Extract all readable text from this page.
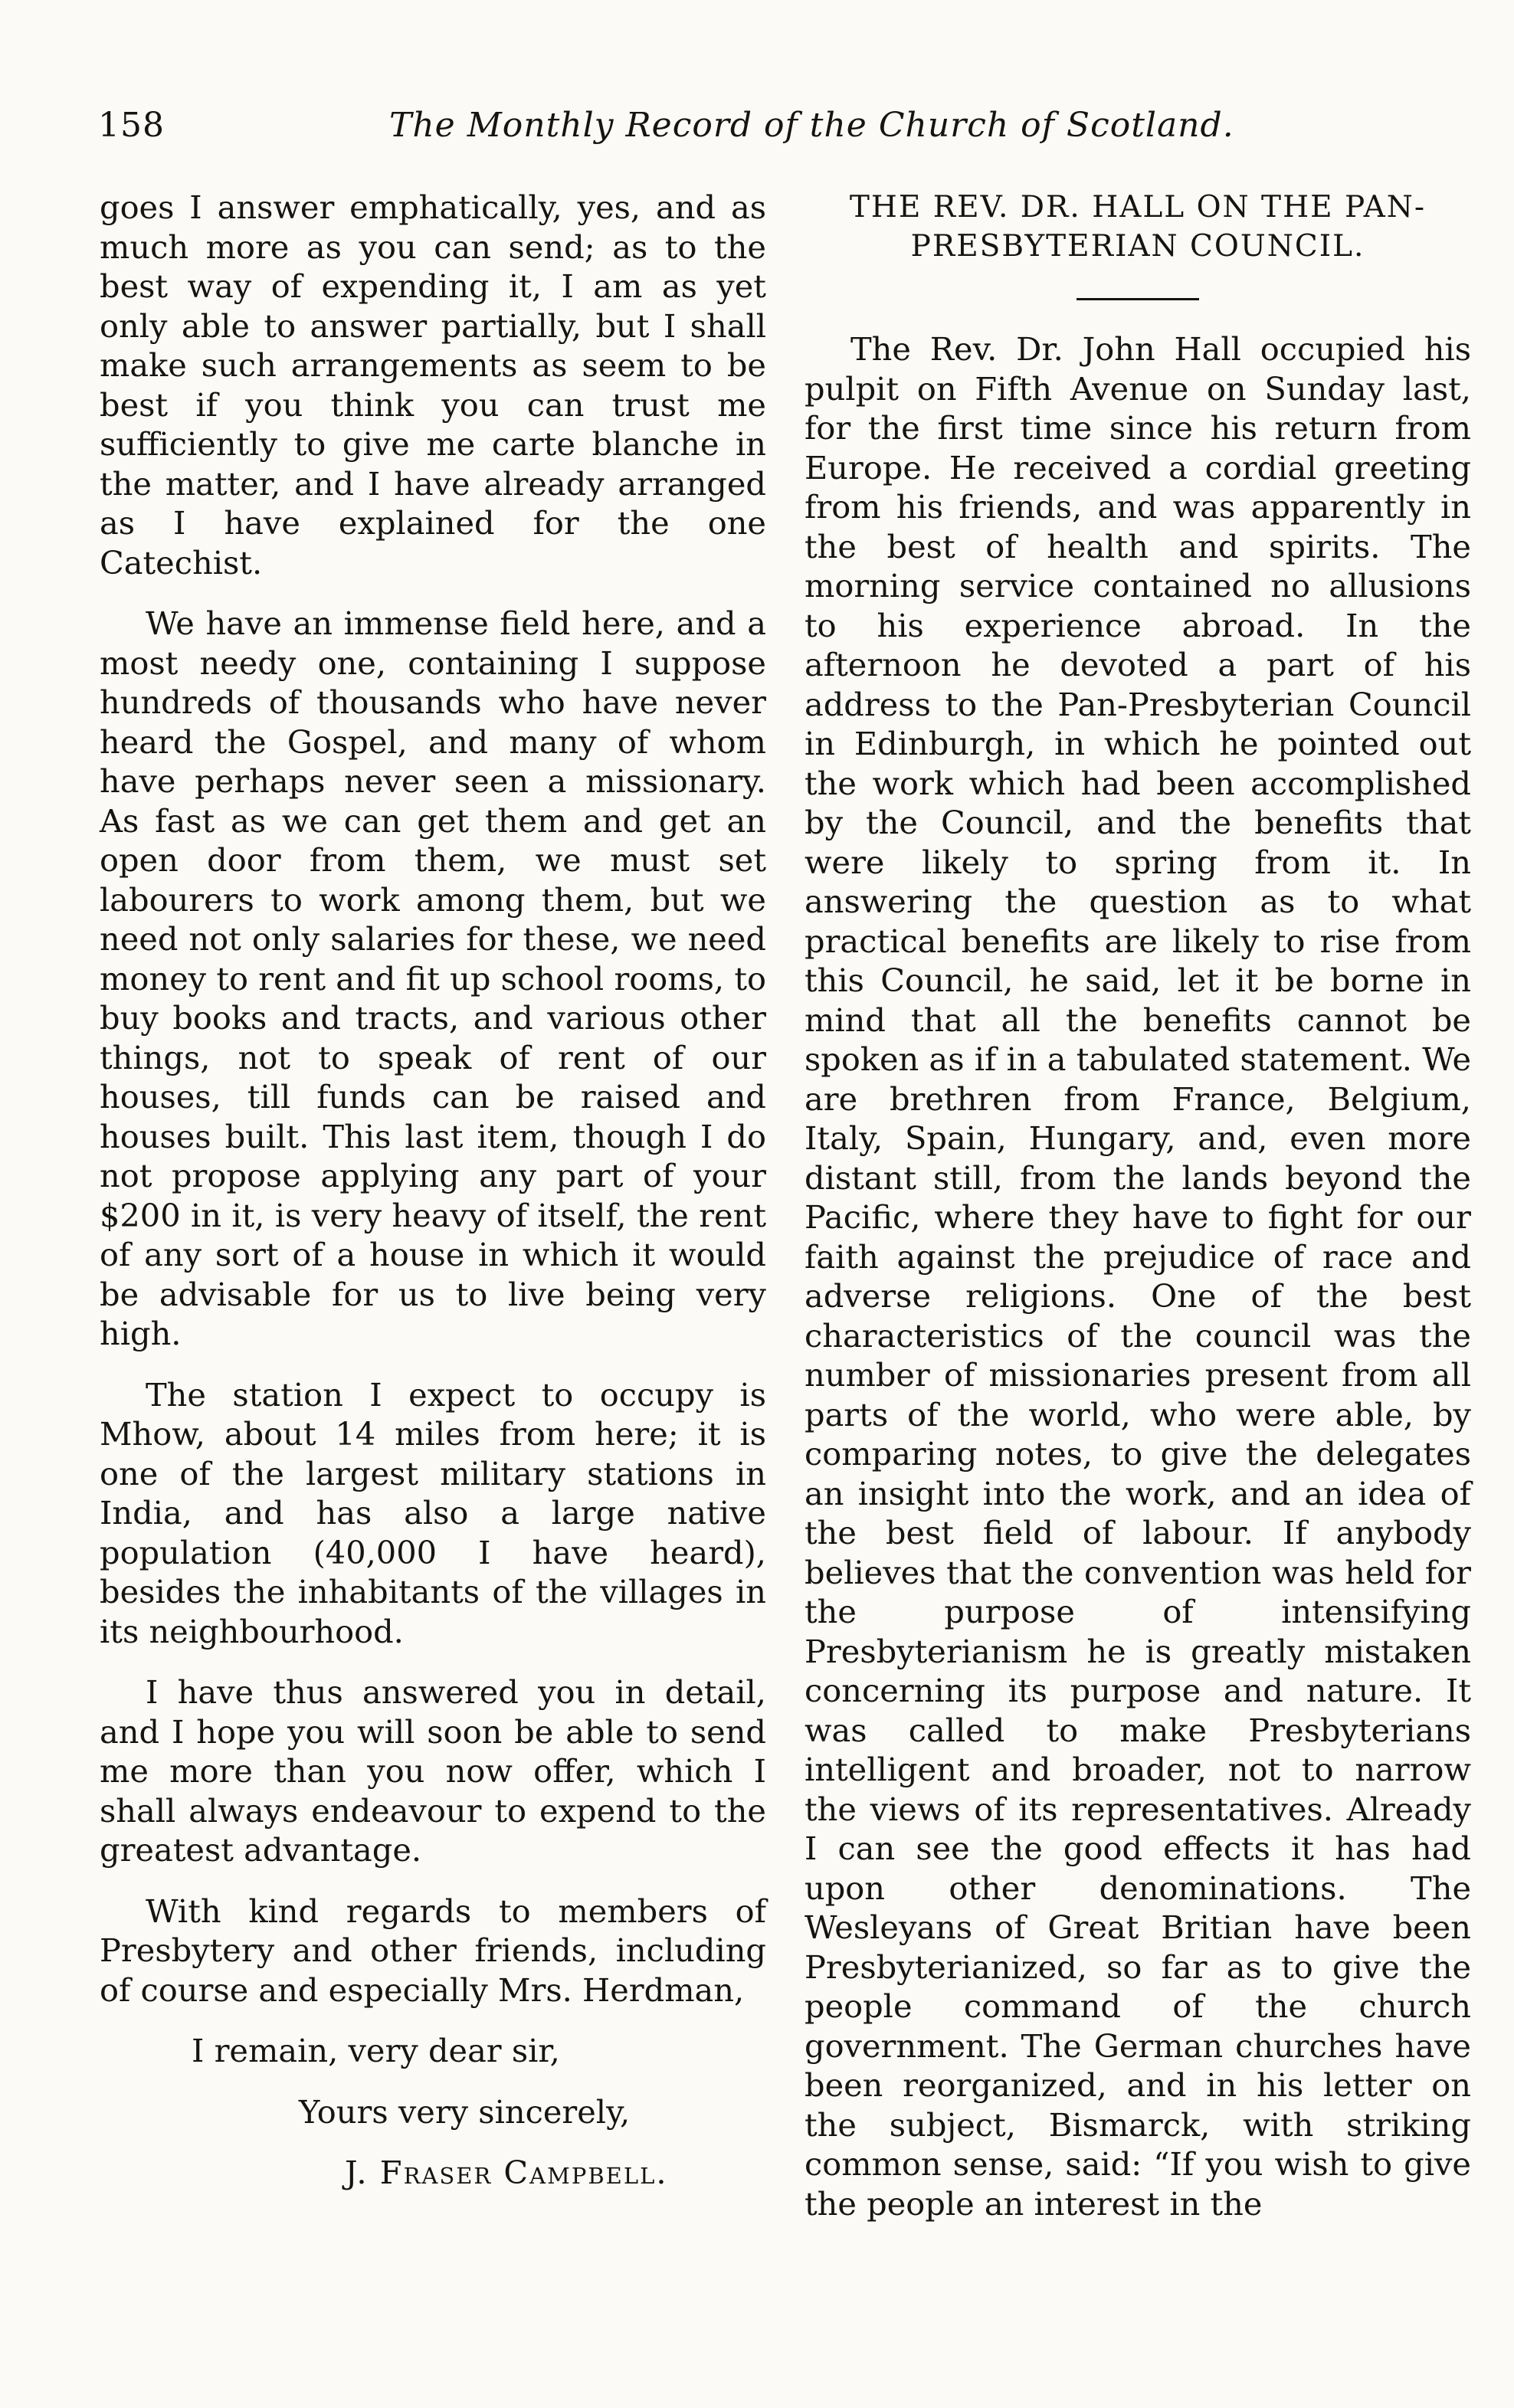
158	The Monthly Record of the Church of Scotland.

goes I answer emphatically, yes, and as much more as you can send; as to the best way of expending it, I am as yet only able to answer partially, but I shall make such arrangements as seem to be best if you think you can trust me sufficiently to give me carte blanche in the matter, and I have already arranged as I have explained for the one Catechist.

We have an immense field here, and a most needy one, containing I suppose hundreds of thousands who have never heard the Gospel, and many of whom have perhaps never seen a missionary. As fast as we can get them and get an open door from them, we must set labourers to work among them, but we need not only salaries for these, we need money to rent and fit up school rooms, to buy books and tracts, and various other things, not to speak of rent of our houses, till funds can be raised and houses built. This last item, though I do not propose applying any part of your $200 in it, is very heavy of itself, the rent of any sort of a house in which it would be advisable for us to live being very high.

The station I expect to occupy is Mhow, about 14 miles from here; it is one of the largest military stations in India, and has also a large native population (40,000 I have heard), besides the inhabitants of the villages in its neighbourhood.

I have thus answered you in detail, and I hope you will soon be able to send me more than you now offer, which I shall always endeavour to expend to the greatest advantage.

With kind regards to members of Presbytery and other friends, including of course and especially Mrs. Herdman,

I remain, very dear sir,

Yours very sincerely,

J. Fraser Campbell.

THE REV. DR. HALL ON THE PAN-PRESBYTERIAN COUNCIL.

The Rev. Dr. John Hall occupied his pulpit on Fifth Avenue on Sunday last, for the first time since his return from Europe. He received a cordial greeting from his friends, and was apparently in the best of health and spirits. The morning service contained no allusions to his experience abroad. In the afternoon he devoted a part of his address to the Pan-Presbyterian Council in Edinburgh, in which he pointed out the work which had been accomplished by the Council, and the benefits that were likely to spring from it. In answering the question as to what practical benefits are likely to rise from this Council, he said, let it be borne in mind that all the benefits cannot be spoken as if in a tabulated statement. We are brethren from France, Belgium, Italy, Spain, Hungary, and, even more distant still, from the lands beyond the Pacific, where they have to fight for our faith against the prejudice of race and adverse religions. One of the best characteristics of the council was the number of missionaries present from all parts of the world, who were able, by comparing notes, to give the delegates an insight into the work, and an idea of the best field of labour. If anybody believes that the convention was held for the purpose of intensifying Presbyterianism he is greatly mistaken concerning its purpose and nature. It was called to make Presbyterians intelligent and broader, not to narrow the views of its representatives. Already I can see the good effects it has had upon other denominations. The Wesleyans of Great Britian have been Presbyterianized, so far as to give the people command of the church government. The German churches have been reorganized, and in his letter on the subject, Bismarck, with striking common sense, said: “If you wish to give the people an interest in the
